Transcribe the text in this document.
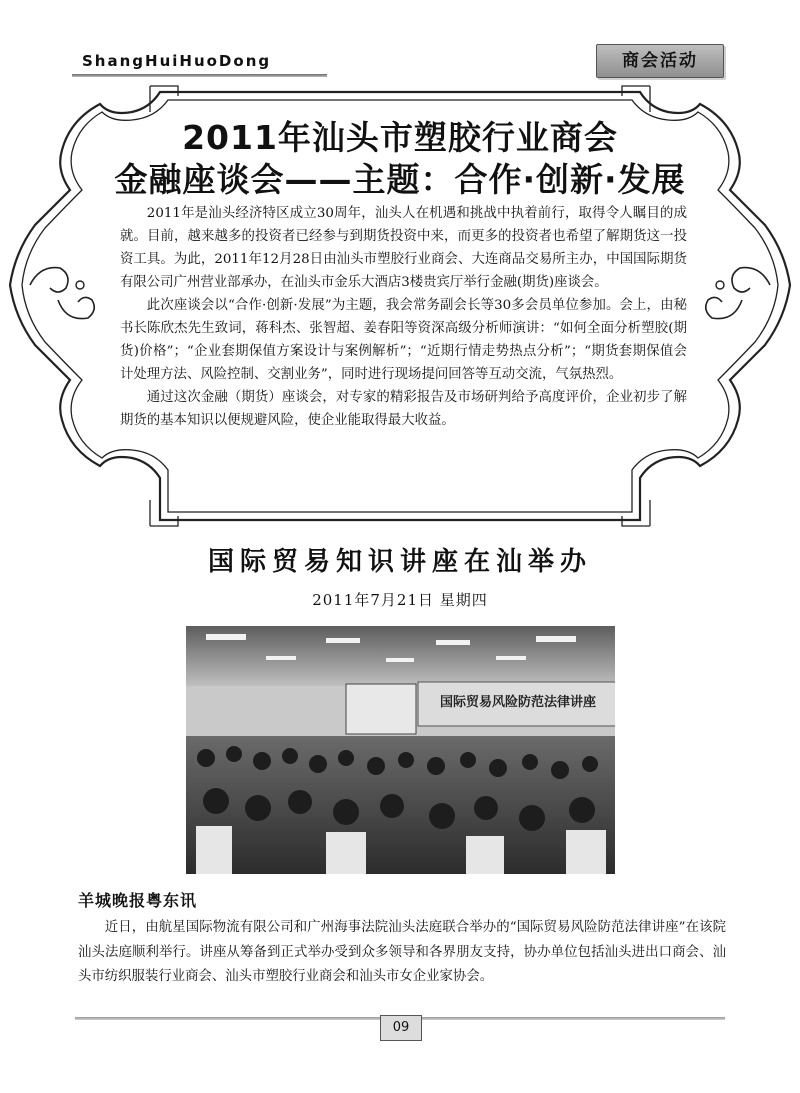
ShangHuiHuoDong	商会活动
2011年汕头市塑胶行业商会
金融座谈会——主题：合作·创新·发展

2011年是汕头经济特区成立30周年，汕头人在机遇和挑战中执着前行，取得令人瞩目的成就。目前，越来越多的投资者已经参与到期货投资中来，而更多的投资者也希望了解期货这一投资工具。为此，2011年12月28日由汕头市塑胶行业商会、大连商品交易所主办，中国国际期货有限公司广州营业部承办，在汕头市金乐大酒店3楼贵宾厅举行金融(期货)座谈会。

此次座谈会以“合作·创新·发展”为主题，我会常务副会长等30多会员单位参加。会上，由秘书长陈欣杰先生致词，蒋科杰、张智超、姜春阳等资深高级分析师演讲：“如何全面分析塑胶(期货)价格”；“企业套期保值方案设计与案例解析”；“近期行情走势热点分析”；“期货套期保值会计处理方法、风险控制、交割业务”，同时进行现场提问回答等互动交流，气氛热烈。

通过这次金融（期货）座谈会，对专家的精彩报告及市场研判给予高度评价，企业初步了解期货的基本知识以便规避风险，使企业能取得最大收益。

国际贸易知识讲座在汕举办
2011年7月21日 星期四
国际贸易风险防范法律讲座
羊城晚报粤东讯

近日，由航星国际物流有限公司和广州海事法院汕头法庭联合举办的“国际贸易风险防范法律讲座”在该院汕头法庭顺利举行。讲座从筹备到正式举办受到众多领导和各界朋友支持，协办单位包括汕头进出口商会、汕头市纺织服装行业商会、汕头市塑胶行业商会和汕头市女企业家协会。

09
